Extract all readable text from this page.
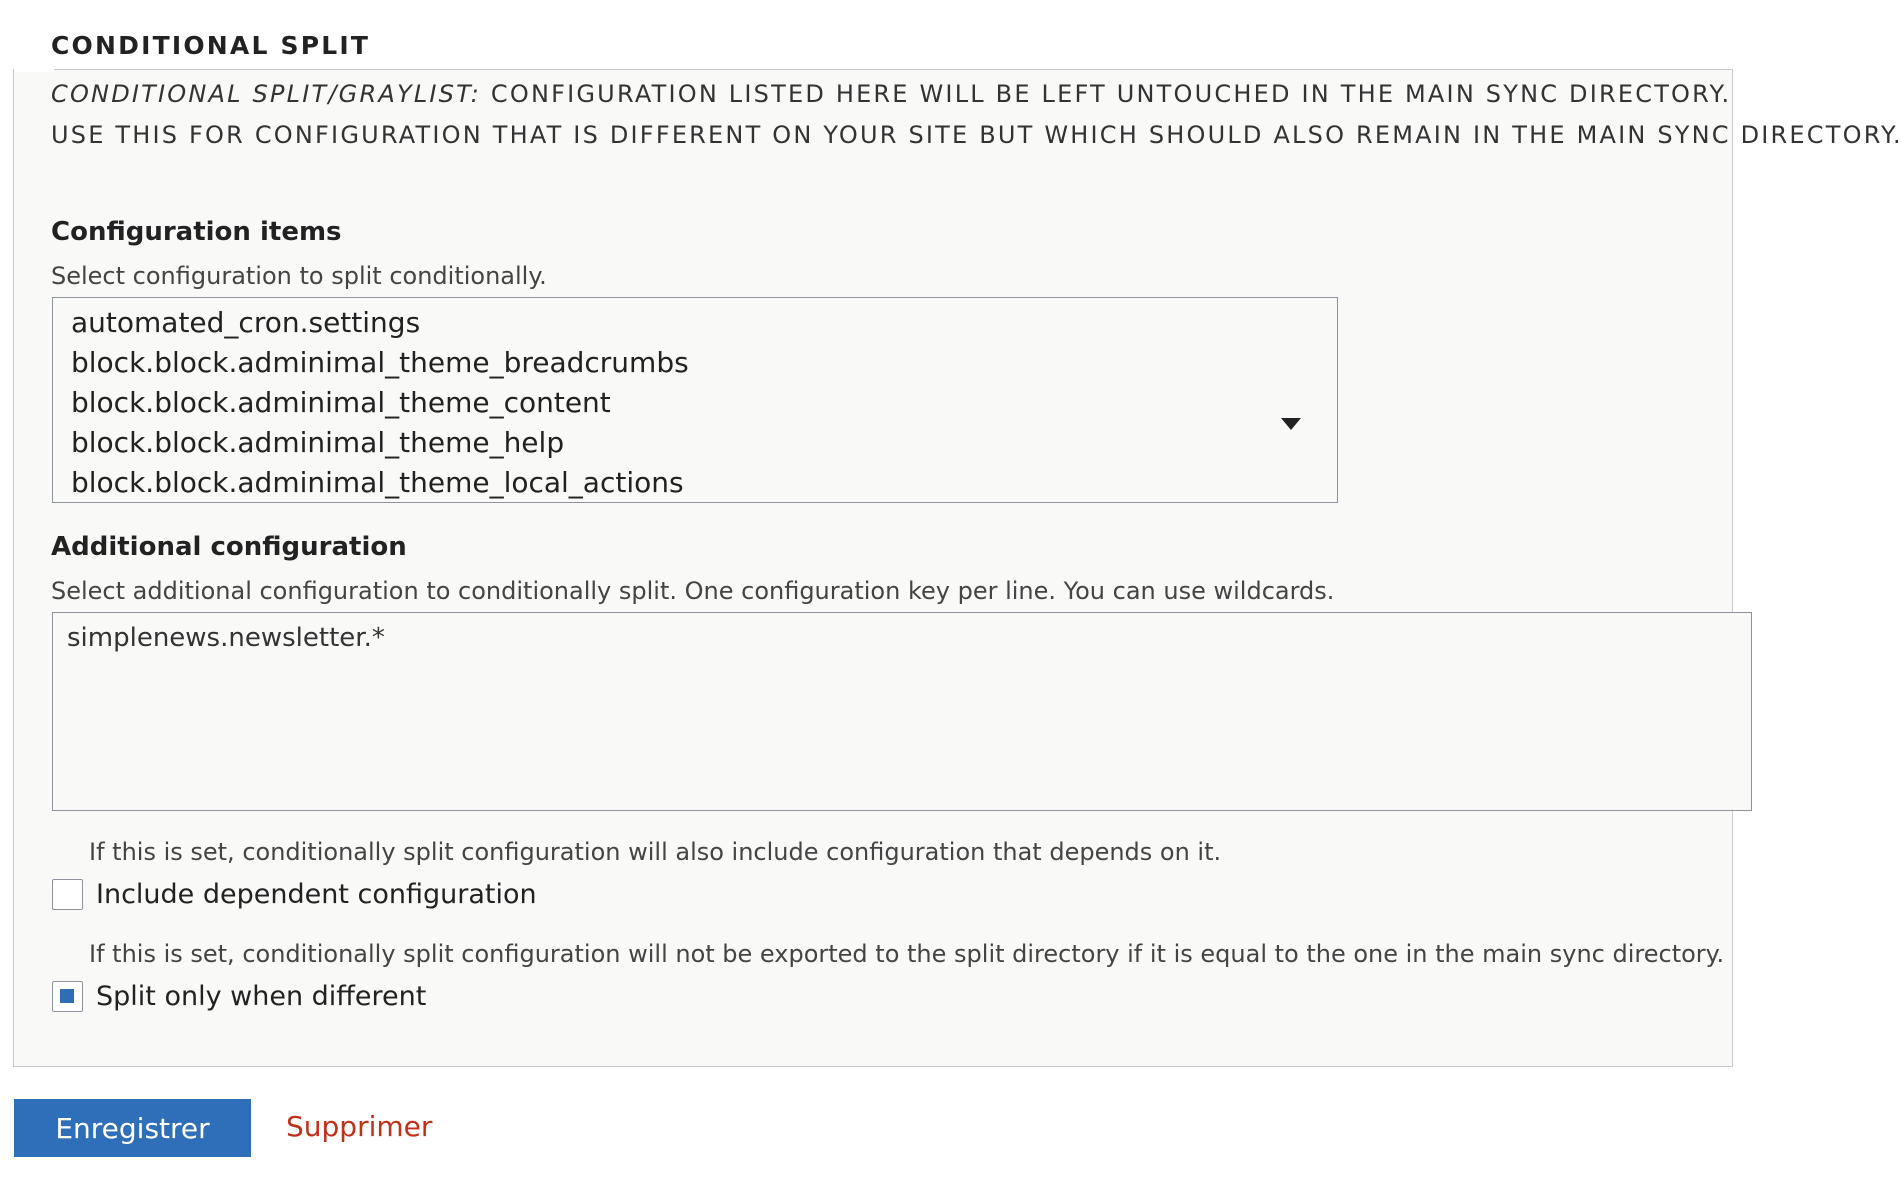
CONDITIONAL SPLIT
CONDITIONAL SPLIT/GRAYLIST: CONFIGURATION LISTED HERE WILL BE LEFT UNTOUCHED IN THE MAIN SYNC DIRECTORY.
USE THIS FOR CONFIGURATION THAT IS DIFFERENT ON YOUR SITE BUT WHICH SHOULD ALSO REMAIN IN THE MAIN SYNC DIRECTORY.
Configuration items
Select configuration to split conditionally.
automated_cron.settings
block.block.adminimal_theme_breadcrumbs
block.block.adminimal_theme_content
block.block.adminimal_theme_help
block.block.adminimal_theme_local_actions
Additional configuration
Select additional configuration to conditionally split. One configuration key per line. You can use wildcards.
simplenews.newsletter.*
If this is set, conditionally split configuration will also include configuration that depends on it.
Include dependent configuration
If this is set, conditionally split configuration will not be exported to the split directory if it is equal to the one in the main sync directory.
Split only when different
Enregistrer	Supprimer
